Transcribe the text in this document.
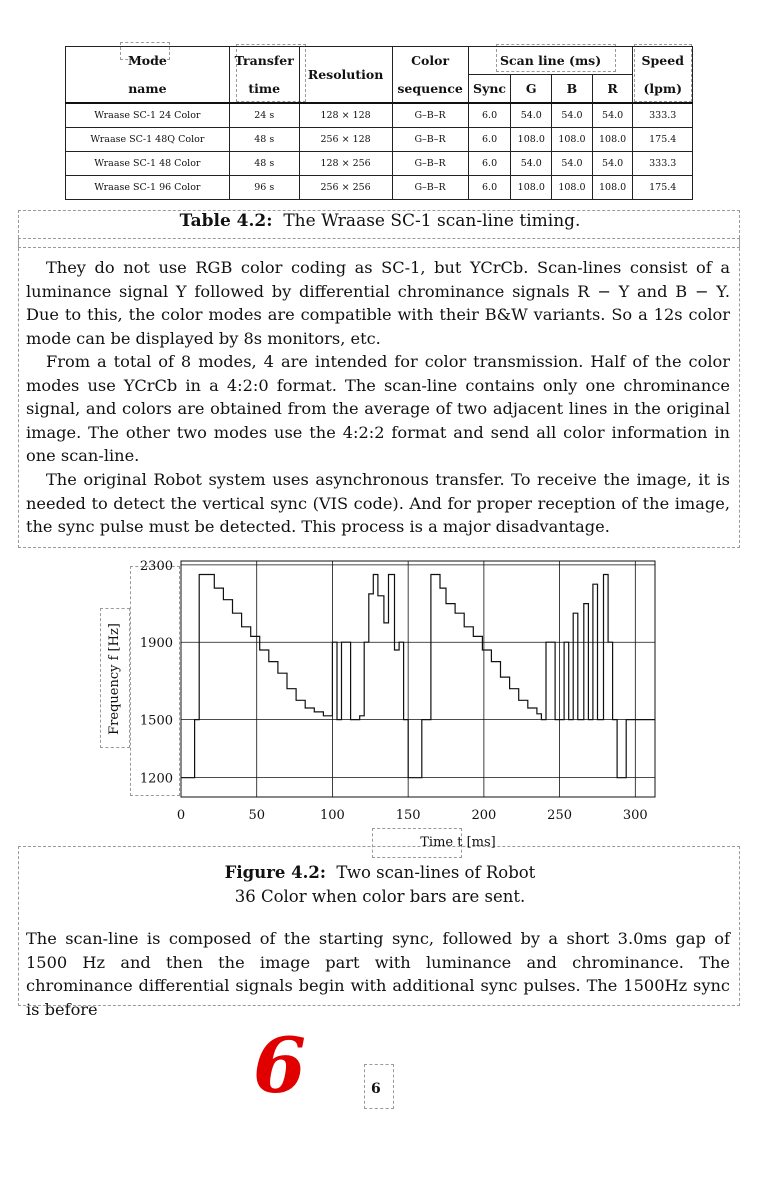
Mode	Transfer	Resolution	Color	Scan line (ms)				Speed
name	time		sequence	Sync	G	B	R	(lpm)
Wraase SC-1 24 Color	24 s	128 × 128	G–B–R	6.0	54.0	54.0	54.0	333.3
Wraase SC-1 48Q Color	48 s	256 × 128	G–B–R	6.0	108.0	108.0	108.0	175.4
Wraase SC-1 48 Color	48 s	128 × 256	G–B–R	6.0	54.0	54.0	54.0	333.3
Wraase SC-1 96 Color	96 s	256 × 256	G–B–R	6.0	108.0	108.0	108.0	175.4
Table 4.2: The Wraase SC-1 scan-line timing.

They do not use RGB color coding as SC-1, but YCrCb. Scan-lines consist of a luminance signal Y followed by differential chrominance signals R − Y and B − Y. Due to this, the color modes are compatible with their B&W variants. So a 12s color mode can be displayed by 8s monitors, etc.

From a total of 8 modes, 4 are intended for color transmission. Half of the color modes use YCrCb in a 4:2:0 format. The scan-line contains only one chrominance signal, and colors are obtained from the average of two adjacent lines in the original image. The other two modes use the 4:2:2 format and send all color information in one scan-line.

The original Robot system uses asynchronous transfer. To receive the image, it is needed to detect the vertical sync (VIS code). And for proper reception of the image, the sync pulse must be detected. This process is a major disadvantage.

0	50	100	150	200	250	300
1200
1500
1900
2300
Time t [ms]
Frequency f [Hz]
Figure 4.2: Two scan-lines of Robot
36 Color when color bars are sent.

The scan-line is composed of the starting sync, followed by a short 3.0ms gap of 1500 Hz and then the image part with luminance and chrominance. The chrominance differential signals begin with additional sync pulses. The 1500Hz sync is before

6	6
